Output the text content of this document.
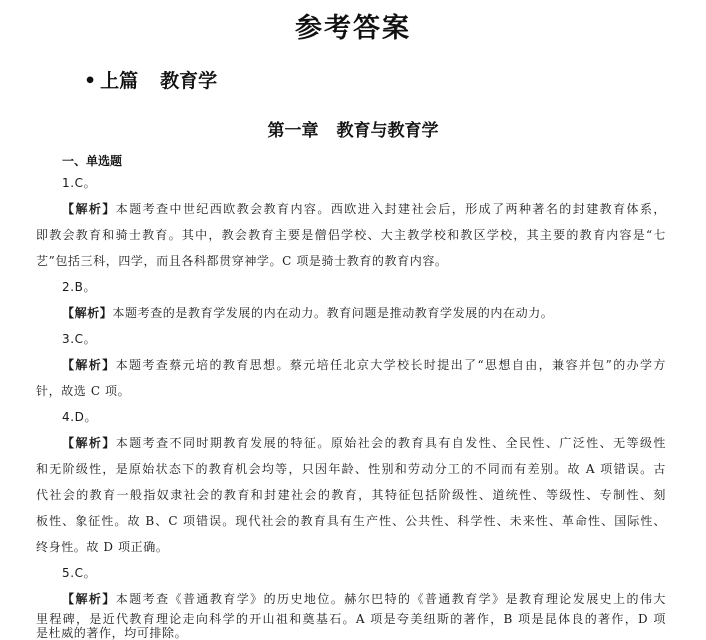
参考答案
• 上篇 教育学
第一章 教育与教育学
一、单选题
1.C。
【解析】本题考查中世纪西欧教会教育内容。西欧进入封建社会后，形成了两种著名的封建教育体系，
即教会教育和骑士教育。其中，教会教育主要是僧侣学校、大主教学校和教区学校，其主要的教育内容是“七
艺”包括三科，四学，而且各科都贯穿神学。C 项是骑士教育的教育内容。
2.B。
【解析】本题考查的是教育学发展的内在动力。教育问题是推动教育学发展的内在动力。
3.C。
【解析】本题考查蔡元培的教育思想。蔡元培任北京大学校长时提出了“思想自由，兼容并包”的办学方
针，故选 C 项。
4.D。
【解析】本题考查不同时期教育发展的特征。原始社会的教育具有自发性、全民性、广泛性、无等级性
和无阶级性，是原始状态下的教育机会均等，只因年龄、性别和劳动分工的不同而有差别。故 A 项错误。古
代社会的教育一般指奴隶社会的教育和封建社会的教育，其特征包括阶级性、道统性、等级性、专制性、刻
板性、象征性。故 B、C 项错误。现代社会的教育具有生产性、公共性、科学性、未来性、革命性、国际性、
终身性。故 D 项正确。
5.C。
【解析】本题考查《普通教育学》的历史地位。赫尔巴特的《普通教育学》是教育理论发展史上的伟大
里程碑，是近代教育理论走向科学的开山祖和奠基石。A 项是夸美纽斯的著作，B 项是昆体良的著作，D 项
是杜威的著作，均可排除。
